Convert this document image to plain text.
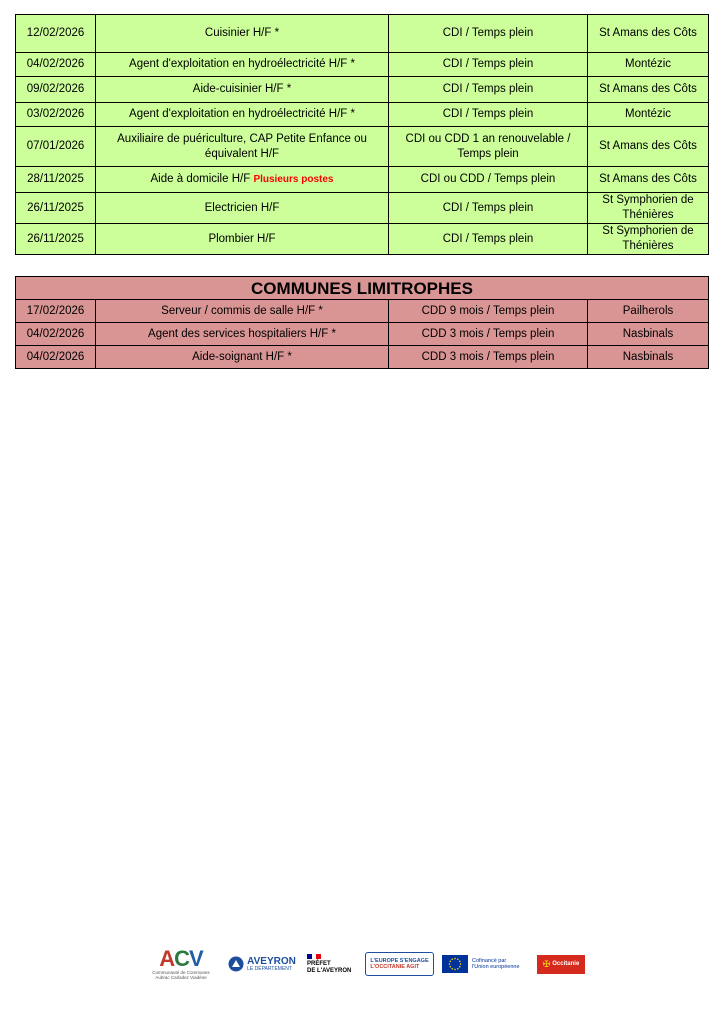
12/02/2026	Cuisinier H/F *	CDI / Temps plein	St Amans des Côts
04/02/2026	Agent d'exploitation en hydroélectricité H/F *	CDI / Temps plein	Montézic
09/02/2026	Aide-cuisinier H/F *	CDI / Temps plein	St Amans des Côts
03/02/2026	Agent d'exploitation en hydroélectricité H/F *	CDI / Temps plein	Montézic
07/01/2026	Auxiliaire de puériculture, CAP Petite Enfance ou équivalent H/F	CDI ou CDD 1 an renouvelable / Temps plein	St Amans des Côts
28/11/2025	Aide à domicile H/F Plusieurs postes	CDI ou CDD / Temps plein	St Amans des Côts
26/11/2025	Electricien H/F	CDI / Temps plein	St Symphorien de Thénières
26/11/2025	Plombier H/F	CDI / Temps plein	St Symphorien de Thénières
COMMUNES LIMITROPHES			
17/02/2026	Serveur / commis de salle H/F *	CDD 9 mois / Temps plein	Pailherols
04/02/2026	Agent des services hospitaliers H/F *	CDD 3 mois / Temps plein	Nasbinals
04/02/2026	Aide-soignant H/F *	CDD 3 mois / Temps plein	Nasbinals
ACV
Communauté de Communes
Aubrac Carladez Viadène
AVEYRON
LE DÉPARTEMENT
PRÉFET
DE L'AVEYRON
L'EUROPE S'ENGAGE
L'OCCITANIE AGIT
Cofinancé par
l'Union européenne	✠ Occitanie
